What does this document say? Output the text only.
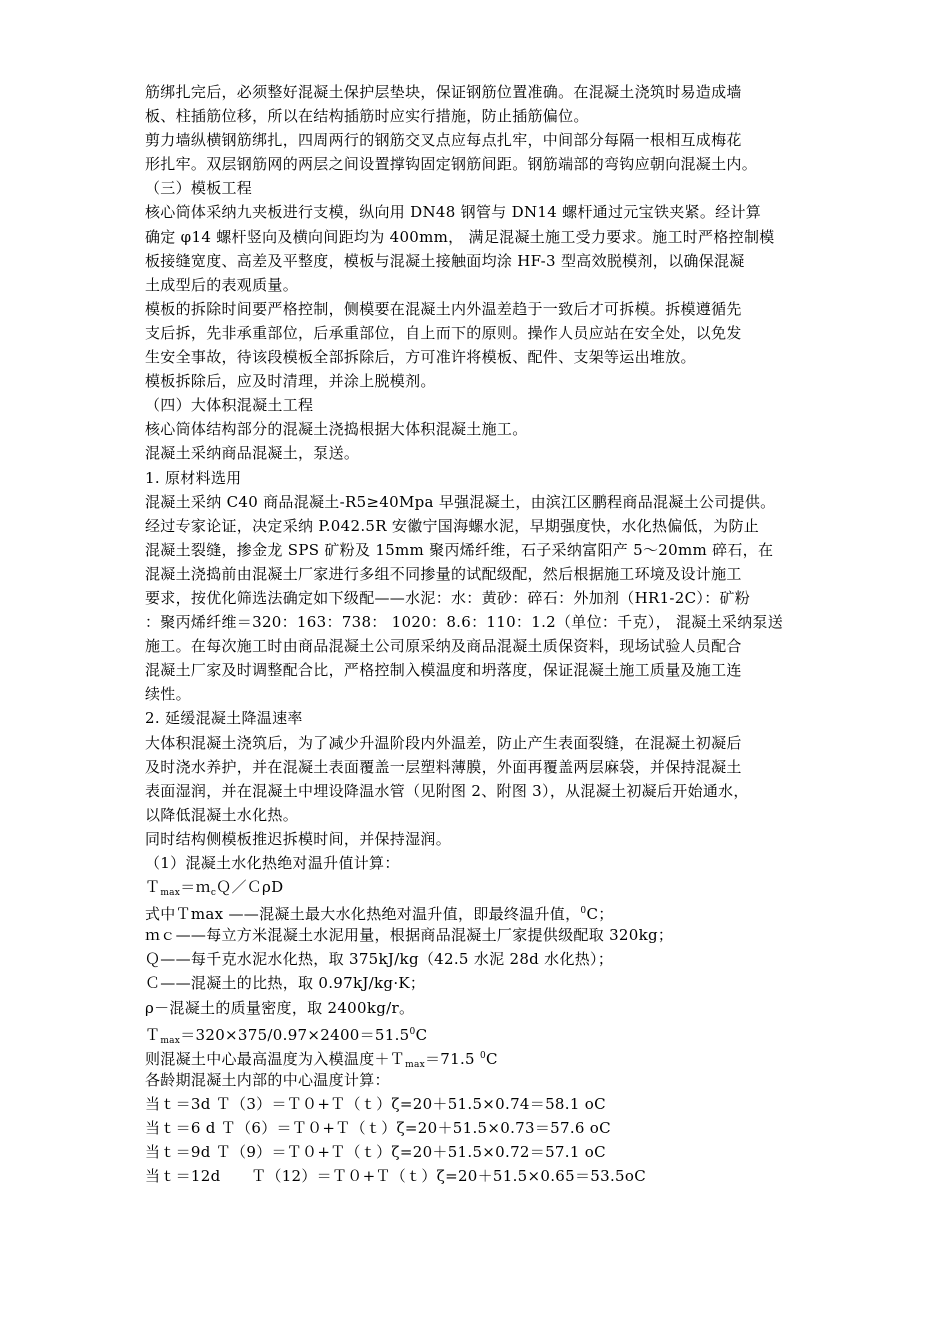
筋绑扎完后，必须整好混凝土保护层垫块，保证钢筋位置准确。在混凝土浇筑时易造成墙
板、柱插筋位移，所以在结构插筋时应实行措施，防止插筋偏位。
剪力墙纵横钢筋绑扎，四周两行的钢筋交叉点应每点扎牢，中间部分每隔一根相互成梅花
形扎牢。双层钢筋网的两层之间设置撑钩固定钢筋间距。钢筋端部的弯钩应朝向混凝土内。
（三）模板工程
核心筒体采纳九夹板进行支模，纵向用 DN48 钢管与 DN14 螺杆通过元宝铁夹紧。经计算
确定 φ14 螺杆竖向及横向间距均为 400mm， 满足混凝土施工受力要求。施工时严格控制模
板接缝宽度、高差及平整度，模板与混凝土接触面均涂 HF-3 型高效脱模剂，以确保混凝
土成型后的表观质量。
模板的拆除时间要严格控制，侧模要在混凝土内外温差趋于一致后才可拆模。拆模遵循先
支后拆，先非承重部位，后承重部位，自上而下的原则。操作人员应站在安全处，以免发
生安全事故，待该段模板全部拆除后，方可准许将模板、配件、支架等运出堆放。
模板拆除后，应及时清理，并涂上脱模剂。
（四）大体积混凝土工程
核心筒体结构部分的混凝土浇捣根据大体积混凝土施工。
混凝土采纳商品混凝土，泵送。
1. 原材料选用
混凝土采纳 C40 商品混凝土-R5≥40Mpa 早强混凝土，由滨江区鹏程商品混凝土公司提供。
经过专家论证，决定采纳 P.042.5R 安徽宁国海螺水泥，早期强度快，水化热偏低，为防止
混凝土裂缝，掺金龙 SPS 矿粉及 15mm 聚丙烯纤维，石子采纳富阳产 5～20mm 碎石，在
混凝土浇捣前由混凝土厂家进行多组不同掺量的试配级配，然后根据施工环境及设计施工
要求，按优化筛选法确定如下级配——水泥：水：黄砂：碎石：外加剂（HR1-2C）：矿粉
：聚丙烯纤维＝320：163：738： 1020：8.6：110：1.2（单位：千克）， 混凝土采纳泵送
施工。在每次施工时由商品混凝土公司原采纳及商品混凝土质保资料，现场试验人员配合
混凝土厂家及时调整配合比，严格控制入模温度和坍落度，保证混凝土施工质量及施工连
续性。
2. 延缓混凝土降温速率
大体积混凝土浇筑后，为了减少升温阶段内外温差，防止产生表面裂缝，在混凝土初凝后
及时浇水养护，并在混凝土表面覆盖一层塑料薄膜，外面再覆盖两层麻袋，并保持混凝土
表面湿润，并在混凝土中埋设降温水管（见附图 2、附图 3），从混凝土初凝后开始通水，
以降低混凝土水化热。
同时结构侧模板推迟拆模时间，并保持湿润。
（1）混凝土水化热绝对温升值计算：
Ｔ$_{max}$＝ｍ$_c$Ｑ／ＣρD
式中Ｔmax ——混凝土最大水化热绝对温升值，即最终温升值，$^0$C；
ｍｃ——每立方米混凝土水泥用量，根据商品混凝土厂家提供级配取 320kg；
Ｑ——每千克水泥水化热，取 375kJ/kg（42.5 水泥 28d 水化热）；
Ｃ——混凝土的比热，取 0.97kJ/kg·K；
ρ－混凝土的质量密度，取 2400kg/r。
$T_{max}=320\times 375/0.97\times 2400=51.5^0C$
则混凝土中心最高温度为入模温度＋Ｔ$_{max}$＝71.5 $^0$C
各龄期混凝土内部的中心温度计算：
当ｔ＝3d Ｔ（3）＝Ｔ０+Ｔ（ｔ）ζ=20＋51.5×0.74＝58.1 oC
当ｔ＝6 d Ｔ（6）＝Ｔ０+Ｔ（ｔ）ζ=20＋51.5×0.73＝57.6 oC
当ｔ＝9d Ｔ（9）＝Ｔ０+Ｔ（ｔ）ζ=20＋51.5×0.72＝57.1 oC
当ｔ＝12d　　Ｔ（12）＝Ｔ０+Ｔ（ｔ）ζ=20＋51.5×0.65＝53.5oC
